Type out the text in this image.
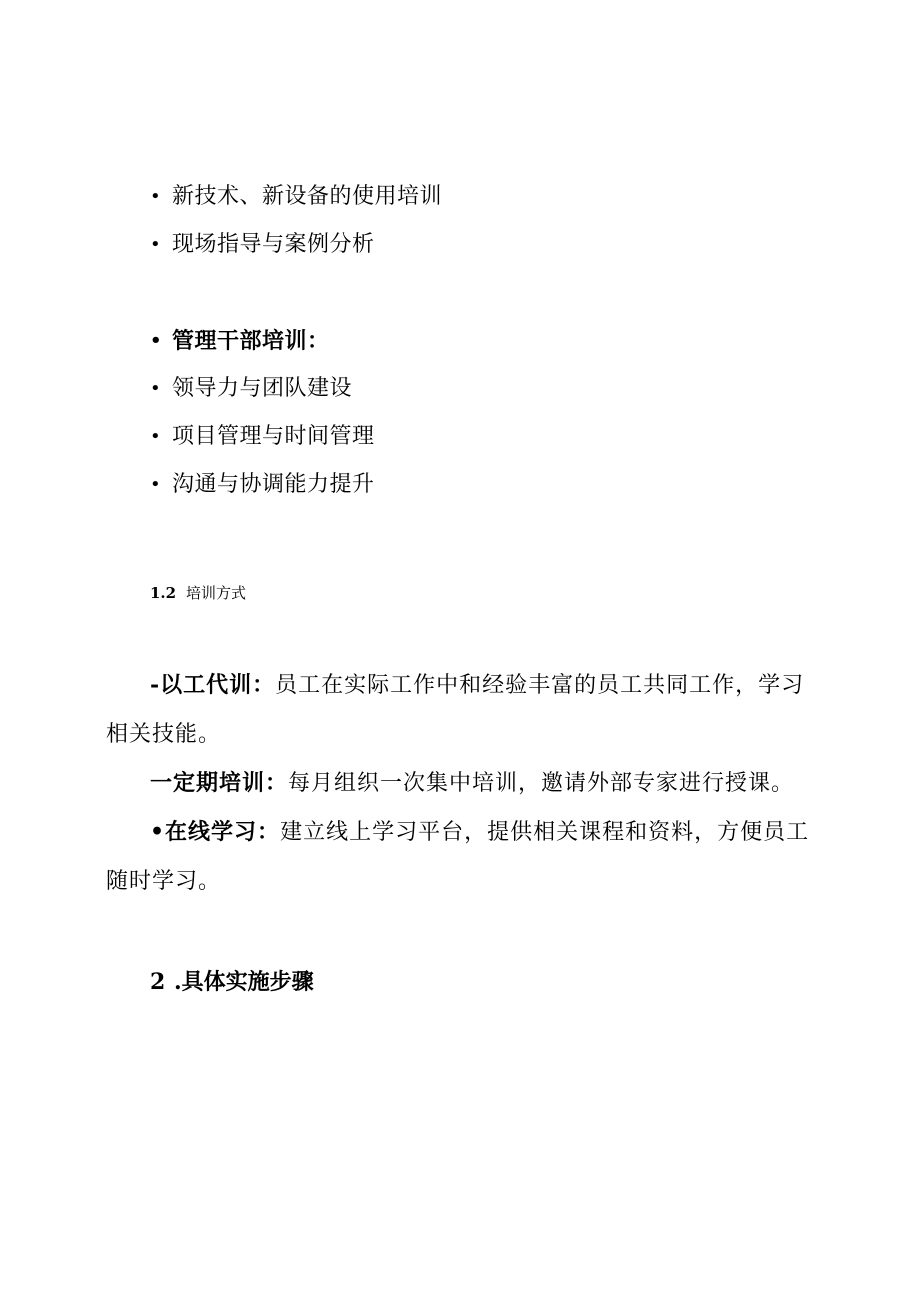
• 新技术、新设备的使用培训
• 现场指导与案例分析
• 管理干部培训：
• 领导力与团队建设
• 项目管理与时间管理
• 沟通与协调能力提升
1.2 培训方式
-以工代训：员工在实际工作中和经验丰富的员工共同工作，学习相关技能。
一定期培训：每月组织一次集中培训，邀请外部专家进行授课。
•在线学习：建立线上学习平台，提供相关课程和资料，方便员工随时学习。
2 .具体实施步骤
